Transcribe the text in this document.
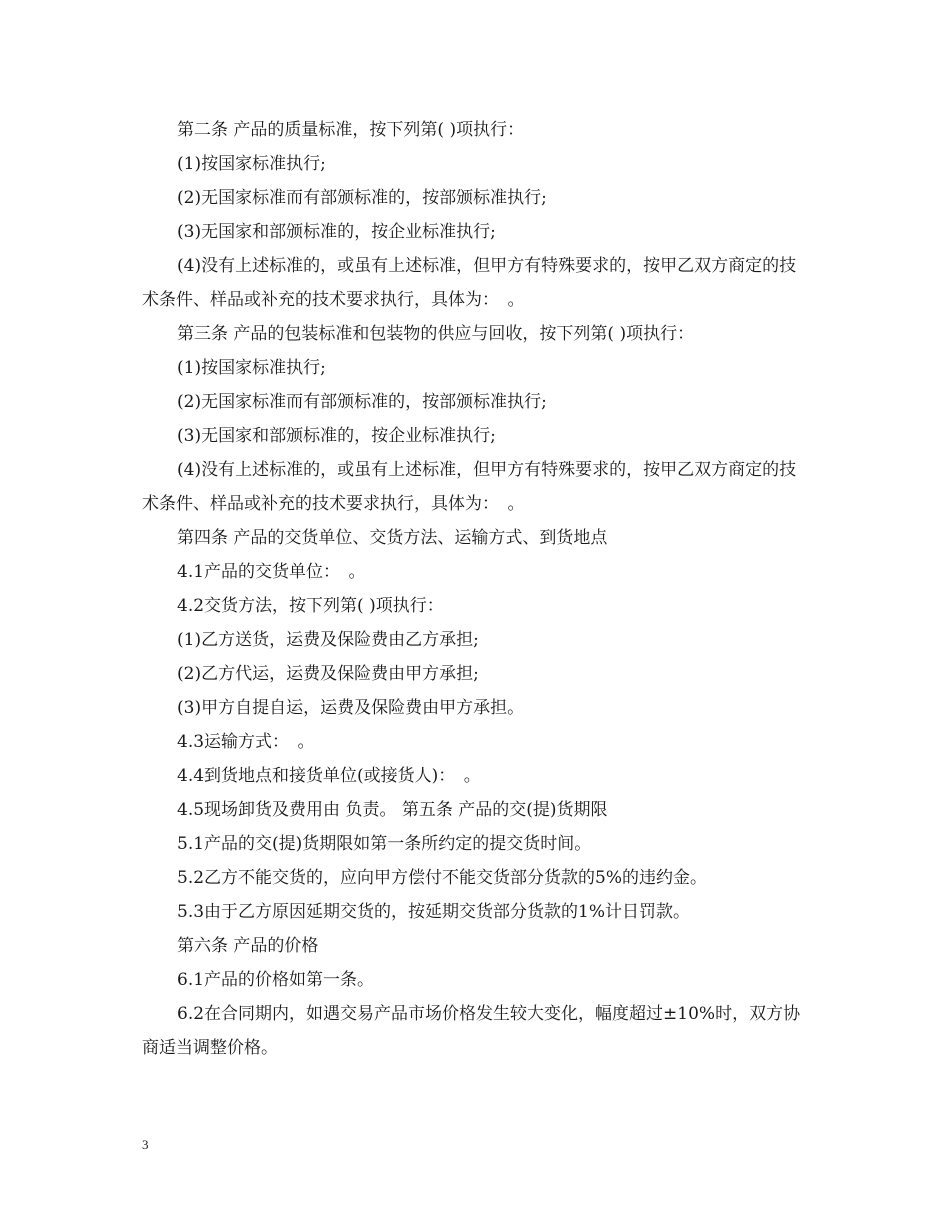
第二条 产品的质量标准，按下列第( )项执行：

(1)按国家标准执行;

(2)无国家标准而有部颁标准的，按部颁标准执行;

(3)无国家和部颁标准的，按企业标准执行;

(4)没有上述标准的，或虽有上述标准，但甲方有特殊要求的，按甲乙双方商定的技术条件、样品或补充的技术要求执行，具体为：　。

第三条 产品的包装标准和包装物的供应与回收，按下列第( )项执行：

(1)按国家标准执行;

(2)无国家标准而有部颁标准的，按部颁标准执行;

(3)无国家和部颁标准的，按企业标准执行;

(4)没有上述标准的，或虽有上述标准，但甲方有特殊要求的，按甲乙双方商定的技术条件、样品或补充的技术要求执行，具体为：　。

第四条 产品的交货单位、交货方法、运输方式、到货地点

4.1产品的交货单位：　。

4.2交货方法，按下列第( )项执行：

(1)乙方送货，运费及保险费由乙方承担;

(2)乙方代运，运费及保险费由甲方承担;

(3)甲方自提自运，运费及保险费由甲方承担。

4.3运输方式：　。

4.4到货地点和接货单位(或接货人)：　。

4.5现场卸货及费用由 负责。 第五条 产品的交(提)货期限

5.1产品的交(提)货期限如第一条所约定的提交货时间。

5.2乙方不能交货的，应向甲方偿付不能交货部分货款的5%的违约金。

5.3由于乙方原因延期交货的，按延期交货部分货款的1%计日罚款。

第六条 产品的价格

6.1产品的价格如第一条。

6.2在合同期内，如遇交易产品市场价格发生较大变化，幅度超过±10%时，双方协商适当调整价格。

3
